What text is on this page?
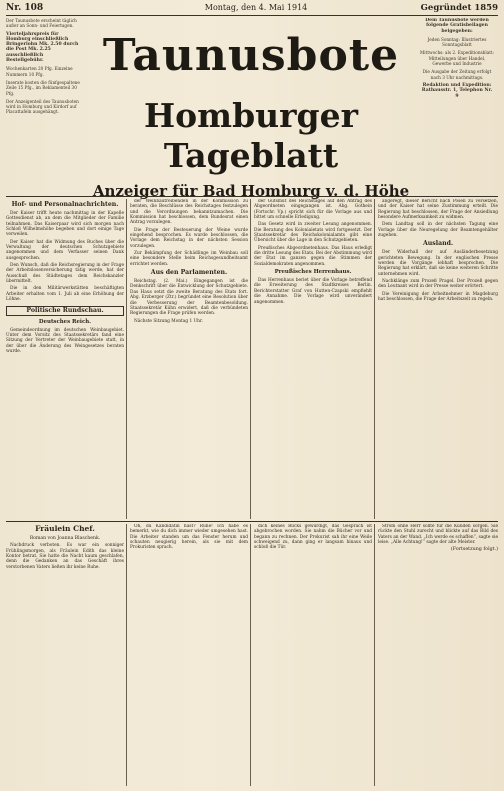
Nr. 108	Montag, den 4. Mai 1914	Gegründet 1859

Der Taunusbote erscheint täglich außer an Sonn- und Feiertagen.

Vierteljahrspreis für Homburg einschließlich Bringerlohn Mk. 2.50 durch die Post Mk. 2.25 ausschließlich Bestellgebühr.

Wochenkarten 20 Pfg. Einzelne Nummern 10 Pfg.

Inserate kosten die fünfgespaltene Zeile 15 Pfg., im Reklamenteil 30 Pfg.

Der Anzeigenteil des Taunusboten wird in Homburg und Kirdorf auf Placattafeln ausgehängt.

Taunusbote
Homburger Tageblatt
Anzeiger für Bad Homburg v. d. Höhe

Dem Taunusbote werden folgende Gratisbeilagen beigegeben:

Jeden Sonntag: Illustriertes Sonntagsblatt

Mittwochs: als 2. Expeditionsblatt: Mitteilungen über Handel, Gewerbe und Industrie

Die Ausgabe der Zeitung erfolgt nach 3 Uhr nachmittags.

Redaktion und Expedition: Rathausstr. 1, Telephon Nr. 9

Hof- und Personalnachrichten.

Der Kaiser trifft heute nachmittag in der Kapelle Gottesdienst ab, an dem die Mitglieder der Familie teilnahmen. Das Kaiserpaar wird sich morgen nach Schloß Wilhelmshöhe begeben und dort einige Tage verweilen.

Der Kaiser hat die Widmung des Buches über die Verwaltung der deutschen Schutzgebiete angenommen und dem Verfasser seinen Dank ausgesprochen.

Den Wunsch, daß die Reichsregierung in der Frage der Arbeitslosenversicherung tätig werde, hat der Ausschuß des Städtetages dem Reichskanzler übermittelt.

Die in den Militärwerkstätten beschäftigten Arbeiter erhalten vom 1. Juli ab eine Erhöhung der Löhne.

Politische Rundschau.
Deutsches Reich.

Gemeindeordnung im deutschen Weinbaugebiet. Unter dem Vorsitz des Staatssekretärs fand eine Sitzung der Vertreter der Weinbaugebiete statt, in der über die Änderung des Weingesetzes beraten wurde.

der Weinbautreibenden in der Kommission zu beraten, die Beschlüsse des Reichstages festzulegen und die Verordnungen bekanntzumachen. Die Kommission hat beschlossen, dem Bundesrat einen Antrag vorzulegen.

Die Frage der Besteuerung der Weine wurde eingehend besprochen. Es wurde beschlossen, die Vorlage dem Reichstag in der nächsten Session vorzulegen.

Zur Bekämpfung der Schädlinge im Weinbau soll eine besondere Stelle beim Reichsgesundheitsamt errichtet werden.

Aus den Parlamenten.

Reichstag. (2. Mai.) Eingegangen ist die Denkschrift über die Entwicklung der Schutzgebiete. Das Haus setzt die zweite Beratung des Etats fort. Abg. Erzberger (Ztr.) begründet eine Resolution über die Verbesserung der Beamtenbesoldung. Staatssekretär Kühn erwidert, daß die verbündeten Regierungen die Frage prüfen werden.

Nächste Sitzung Montag 1 Uhr.

der Gutsmut des Reichstages auf den Antrag des Abgeordneten eingegangen ist. Abg. Gothein (Fortschr. Vp.) spricht sich für die Vorlage aus und bittet um schnelle Erledigung.

Das Gesetz wird in zweiter Lesung angenommen. Die Beratung des Kolonialetats wird fortgesetzt. Der Staatssekretär des Reichskolonialamts gibt eine Übersicht über die Lage in den Schutzgebieten.

Preußisches Abgeordnetenhaus. Das Haus erledigt die dritte Lesung des Etats. Bei der Abstimmung wird der Etat im ganzen gegen die Stimmen der Sozialdemokraten angenommen.

Preußisches Herrenhaus.

Das Herrenhaus beriet über die Vorlage betreffend die Erweiterung des Stadtkreises Berlin. Berichterstatter Graf von Hutten-Czapski empfiehlt die Annahme. Die Vorlage wird unverändert angenommen.

angeregt, dieser Bericht nach Posen zu versetzen, und der Kaiser hat seine Zustimmung erteilt. Die Regierung hat beschlossen, der Frage der Ansiedlung besondere Aufmerksamkeit zu widmen.

Dem Landtag soll in der nächsten Tagung eine Vorlage über die Neuregelung der Beamtengehälter zugehen.

Ausland.

Der Widerhall der auf Ausländerbesetzung gerichteten Bewegung. In der englischen Presse werden die Vorgänge lebhaft besprochen. Die Regierung hat erklärt, daß sie keine weiteren Schritte unternehmen wird.

Nachklänge zum Prozeß Pragel. Der Prozeß gegen den Leutnant wird in der Presse weiter erörtert.

Die Vereinigung der Arbeitnehmer in Magdeburg hat beschlossen, die Frage der Arbeitszeit zu regeln.

Fräulein Chef.

Roman von Joanna Blaschenk.

Nachdruck verboten. Es war ein sonniger Frühlingsmorgen, als Fräulein Edith das kleine Kontor betrat. Sie hatte die Nacht kaum geschlafen, denn die Gedanken an das Geschäft ihres verstorbenen Vaters ließen ihr keine Ruhe.

Oh, du Kandidatin hast? Ruhe! Ich habe es bemerkt, wie du dich immer wieder umgesehen hast. Die Arbeiter standen um das Fenster herum und schauten neugierig herein, als sie mit dem Prokuristen sprach.

dich keines Blicks gewürdigt, das Gespräch ist abgebrochen worden. Sie nahm die Bücher vor und begann zu rechnen. Der Prokurist sah ihr eine Weile schweigend zu, dann ging er langsam hinaus und schloß die Tür.

Strom ohne Herr sollte für die Kunden sorgen. Sie rückte den Stuhl zurecht und blickte auf das Bild des Vaters an der Wand. „Ich werde es schaffen“, sagte sie leise. „Alle Achtung!“ sagte der alte Meister.

(Fortsetzung folgt.)
